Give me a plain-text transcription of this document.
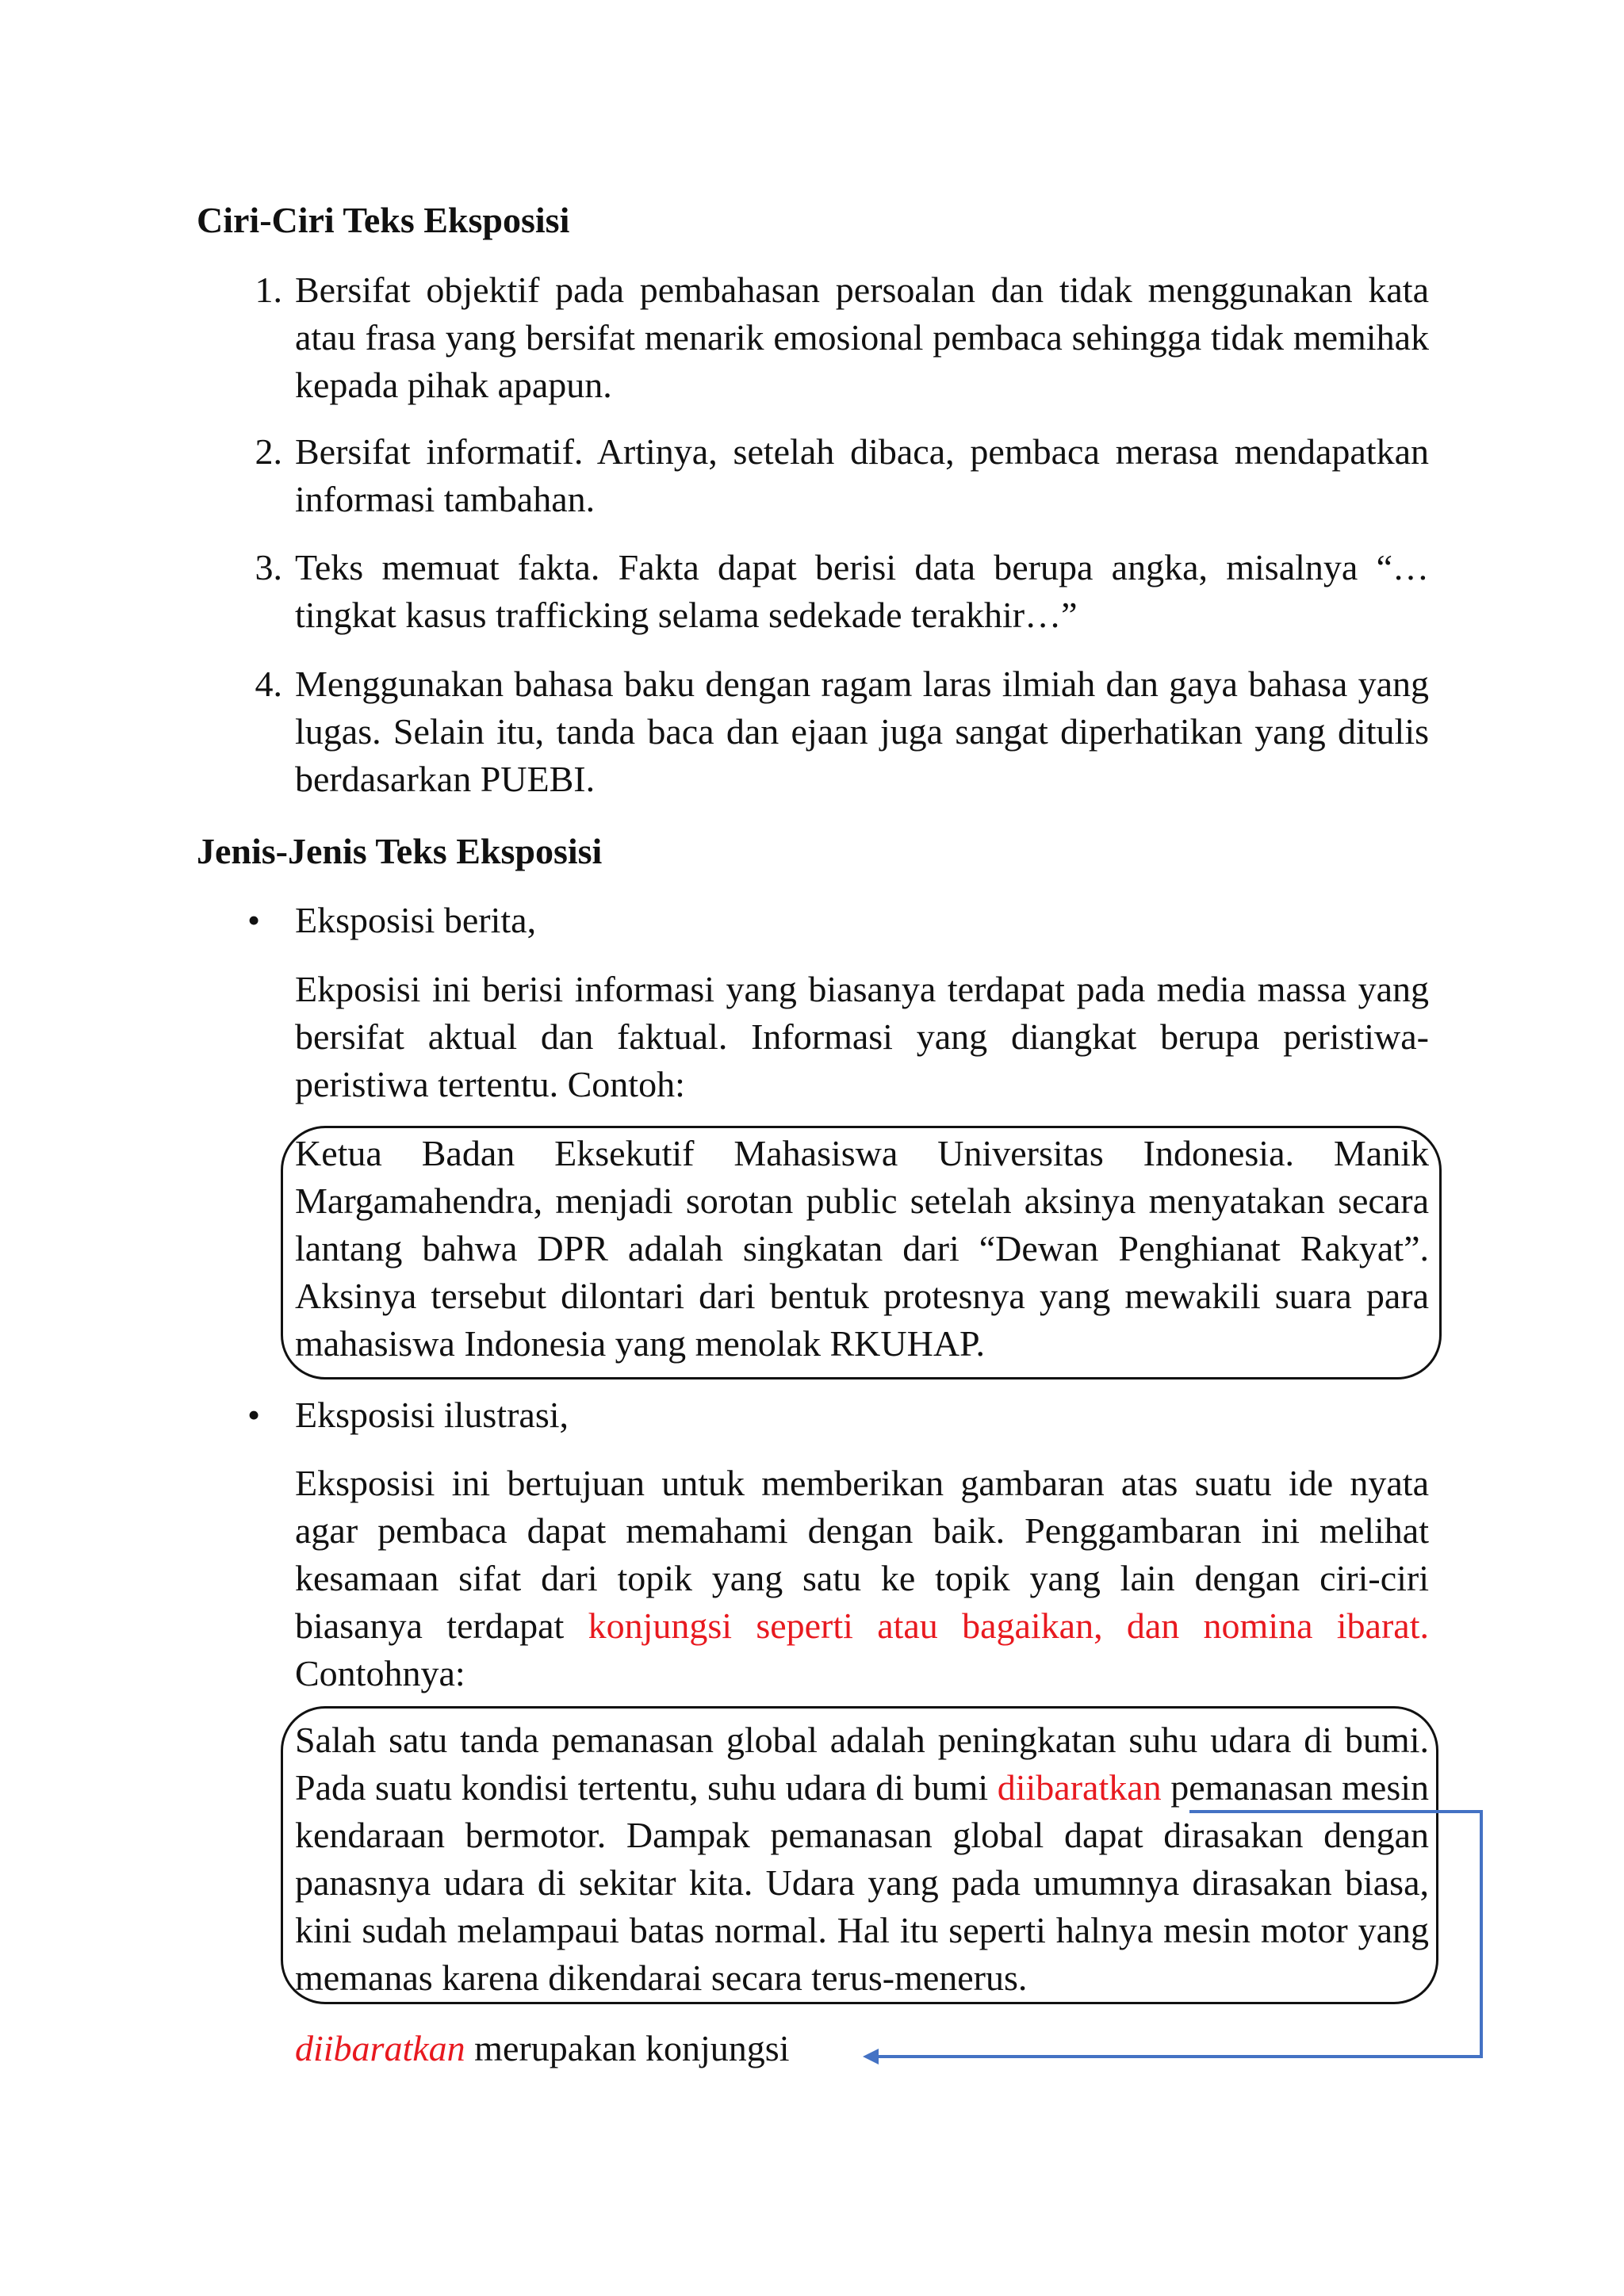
Ciri-Ciri Teks Eksposisi
1. Bersifat objektif pada pembahasan persoalan dan tidak menggunakan kata atau frasa yang bersifat menarik emosional pembaca sehingga tidak memihak kepada pihak apapun.

2. Bersifat informatif. Artinya, setelah dibaca, pembaca merasa mendapatkan informasi tambahan.

3. Teks memuat fakta. Fakta dapat berisi data berupa angka, misalnya “…tingkat kasus trafficking selama sedekade terakhir…”

4. Menggunakan bahasa baku dengan ragam laras ilmiah dan gaya bahasa yang lugas. Selain itu, tanda baca dan ejaan juga sangat diperhatikan yang ditulis berdasarkan PUEBI.

Jenis-Jenis Teks Eksposisi
• Eksposisi berita,

Ekposisi ini berisi informasi yang biasanya terdapat pada media massa yang bersifat aktual dan faktual. Informasi yang diangkat berupa peristiwa-peristiwa tertentu. Contoh:

Ketua Badan Eksekutif Mahasiswa Universitas Indonesia. Manik Margamahendra, menjadi sorotan public setelah aksinya menyatakan secara lantang bahwa DPR adalah singkatan dari “Dewan Penghianat Rakyat”. Aksinya tersebut dilontari dari bentuk protesnya yang mewakili suara para mahasiswa Indonesia yang menolak RKUHAP.

• Eksposisi ilustrasi,

Eksposisi ini bertujuan untuk memberikan gambaran atas suatu ide nyata agar pembaca dapat memahami dengan baik. Penggambaran ini melihat kesamaan sifat dari topik yang satu ke topik yang lain dengan ciri-ciri biasanya terdapat konjungsi seperti atau bagaikan, dan nomina ibarat. Contohnya:

Salah satu tanda pemanasan global adalah peningkatan suhu udara di bumi. Pada suatu kondisi tertentu, suhu udara di bumi diibaratkan pemanasan mesin kendaraan bermotor. Dampak pemanasan global dapat dirasakan dengan panasnya udara di sekitar kita. Udara yang pada umumnya dirasakan biasa, kini sudah melampaui batas normal. Hal itu seperti halnya mesin motor yang memanas karena dikendarai secara terus-menerus.

diibaratkan merupakan konjungsi
